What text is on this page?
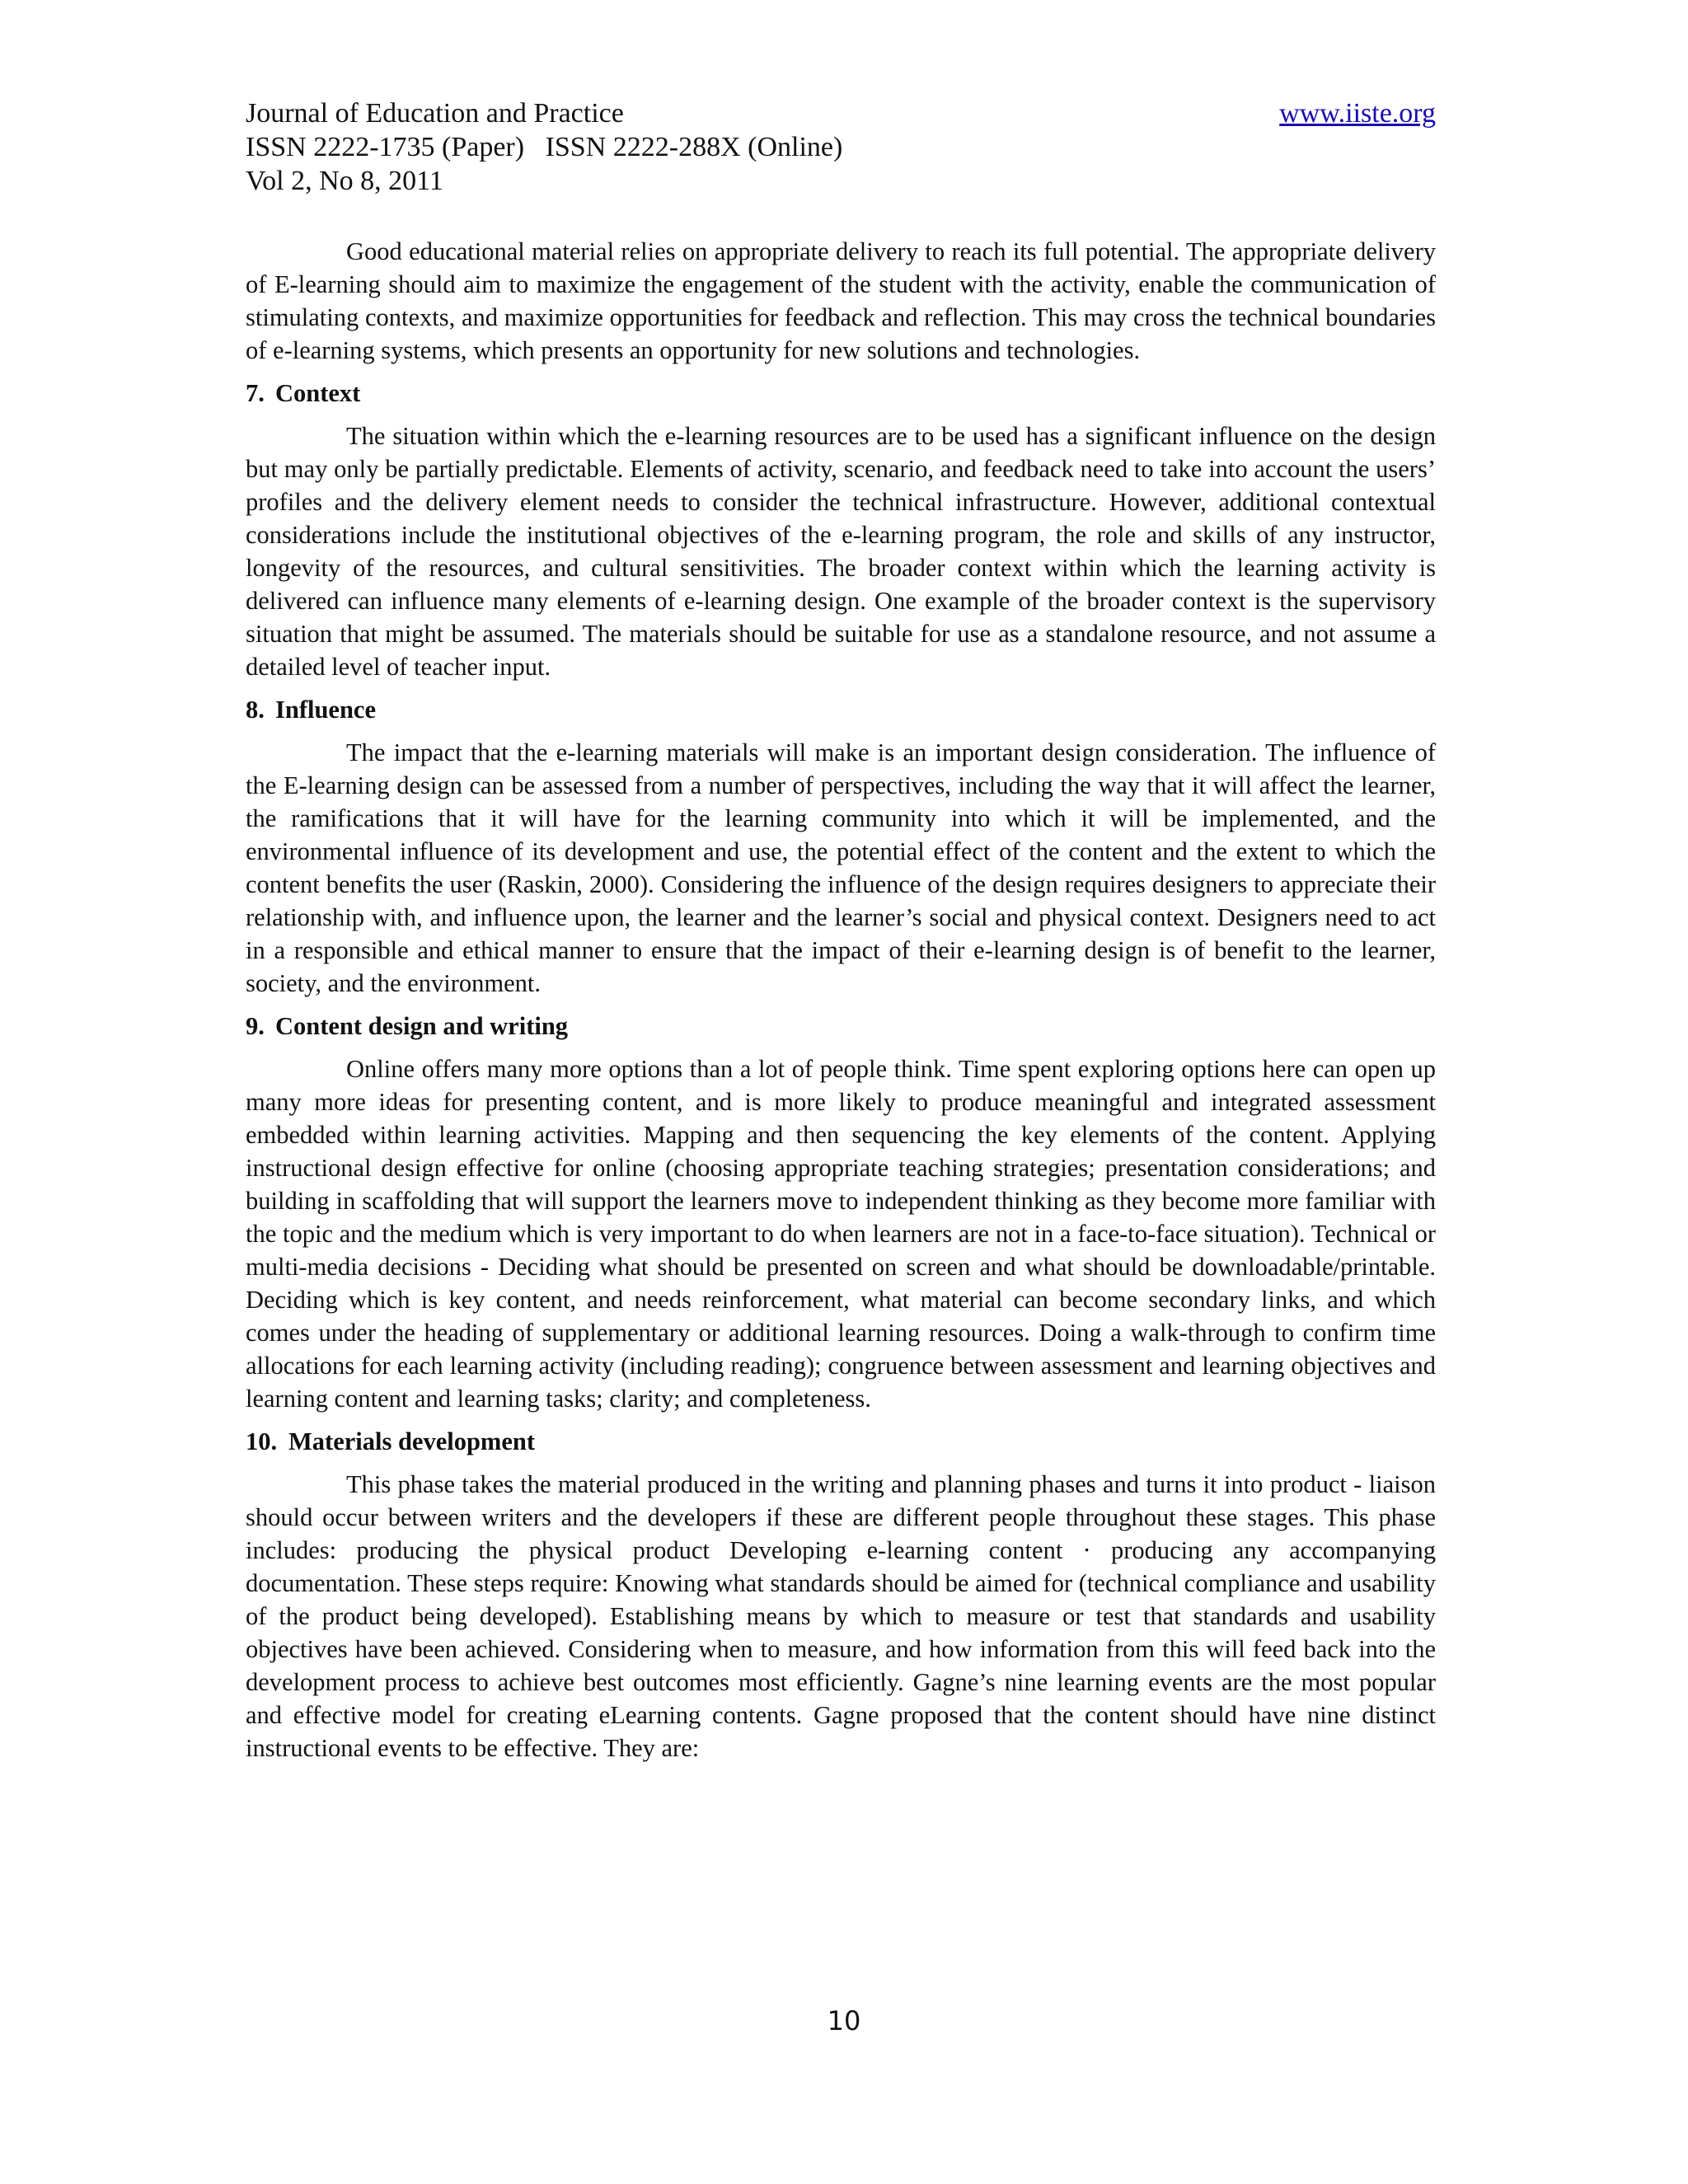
Journal of Education and Practice	www.iiste.org
ISSN 2222-1735 (Paper)   ISSN 2222-288X (Online)
Vol 2, No 8, 2011

Good educational material relies on appropriate delivery to reach its full potential. The appropriate delivery of E-learning should aim to maximize the engagement of the student with the activity, enable the communication of stimulating contexts, and maximize opportunities for feedback and reflection. This may cross the technical boundaries of e-learning systems, which presents an opportunity for new solutions and technologies.

7. Context

The situation within which the e-learning resources are to be used has a significant influence on the design but may only be partially predictable. Elements of activity, scenario, and feedback need to take into account the users’ profiles and the delivery element needs to consider the technical infrastructure. However, additional contextual considerations include the institutional objectives of the e-learning program, the role and skills of any instructor, longevity of the resources, and cultural sensitivities. The broader context within which the learning activity is delivered can influence many elements of e-learning design. One example of the broader context is the supervisory situation that might be assumed. The materials should be suitable for use as a standalone resource, and not assume a detailed level of teacher input.

8. Influence

The impact that the e-learning materials will make is an important design consideration. The influence of the E-learning design can be assessed from a number of perspectives, including the way that it will affect the learner, the ramifications that it will have for the learning community into which it will be implemented, and the environmental influence of its development and use, the potential effect of the content and the extent to which the content benefits the user (Raskin, 2000). Considering the influence of the design requires designers to appreciate their relationship with, and influence upon, the learner and the learner’s social and physical context. Designers need to act in a responsible and ethical manner to ensure that the impact of their e-learning design is of benefit to the learner, society, and the environment.

9. Content design and writing

Online offers many more options than a lot of people think. Time spent exploring options here can open up many more ideas for presenting content, and is more likely to produce meaningful and integrated assessment embedded within learning activities. Mapping and then sequencing the key elements of the content. Applying instructional design effective for online (choosing appropriate teaching strategies; presentation considerations; and building in scaffolding that will support the learners move to independent thinking as they become more familiar with the topic and the medium which is very important to do when learners are not in a face-to-face situation). Technical or multi-media decisions - Deciding what should be presented on screen and what should be downloadable/printable. Deciding which is key content, and needs reinforcement, what material can become secondary links, and which comes under the heading of supplementary or additional learning resources. Doing a walk-through to confirm time allocations for each learning activity (including reading); congruence between assessment and learning objectives and learning content and learning tasks; clarity; and completeness.

10. Materials development

This phase takes the material produced in the writing and planning phases and turns it into product - liaison should occur between writers and the developers if these are different people throughout these stages. This phase includes: producing the physical product Developing e-learning content · producing any accompanying documentation. These steps require: Knowing what standards should be aimed for (technical compliance and usability of the product being developed). Establishing means by which to measure or test that standards and usability objectives have been achieved. Considering when to measure, and how information from this will feed back into the development process to achieve best outcomes most efficiently. Gagne’s nine learning events are the most popular and effective model for creating eLearning contents. Gagne proposed that the content should have nine distinct instructional events to be effective. They are:

10
